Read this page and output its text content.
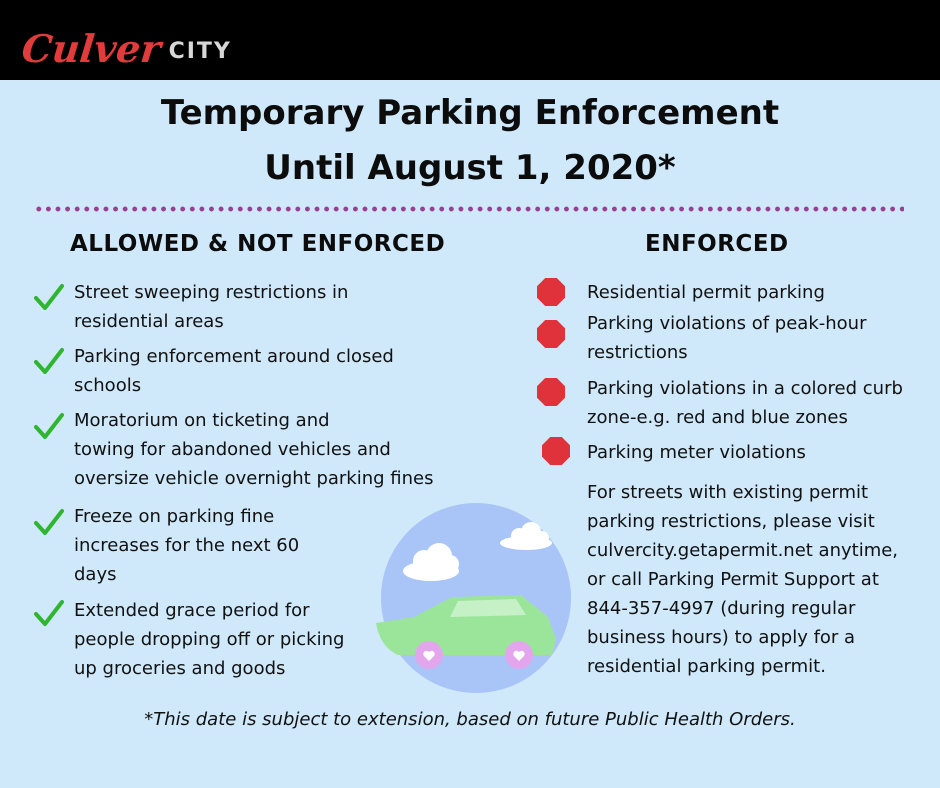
Culver CITY
Temporary Parking Enforcement
Until August 1, 2020*
ALLOWED & NOT ENFORCED	ENFORCED
Street sweeping restrictions in
residential areas
Parking enforcement around closed
schools
Moratorium on ticketing and
towing for abandoned vehicles and
oversize vehicle overnight parking fines
Freeze on parking fine
increases for the next 60
days
Extended grace period for
people dropping off or picking
up groceries and goods
Residential permit parking
Parking violations of peak-hour
restrictions
Parking violations in a colored curb
zone-e.g. red and blue zones
Parking meter violations
For streets with existing permit
parking restrictions, please visit
culvercity.getapermit.net anytime,
or call Parking Permit Support at
844-357-4997 (during regular
business hours) to apply for a
residential parking permit.
*This date is subject to extension, based on future Public Health Orders.
